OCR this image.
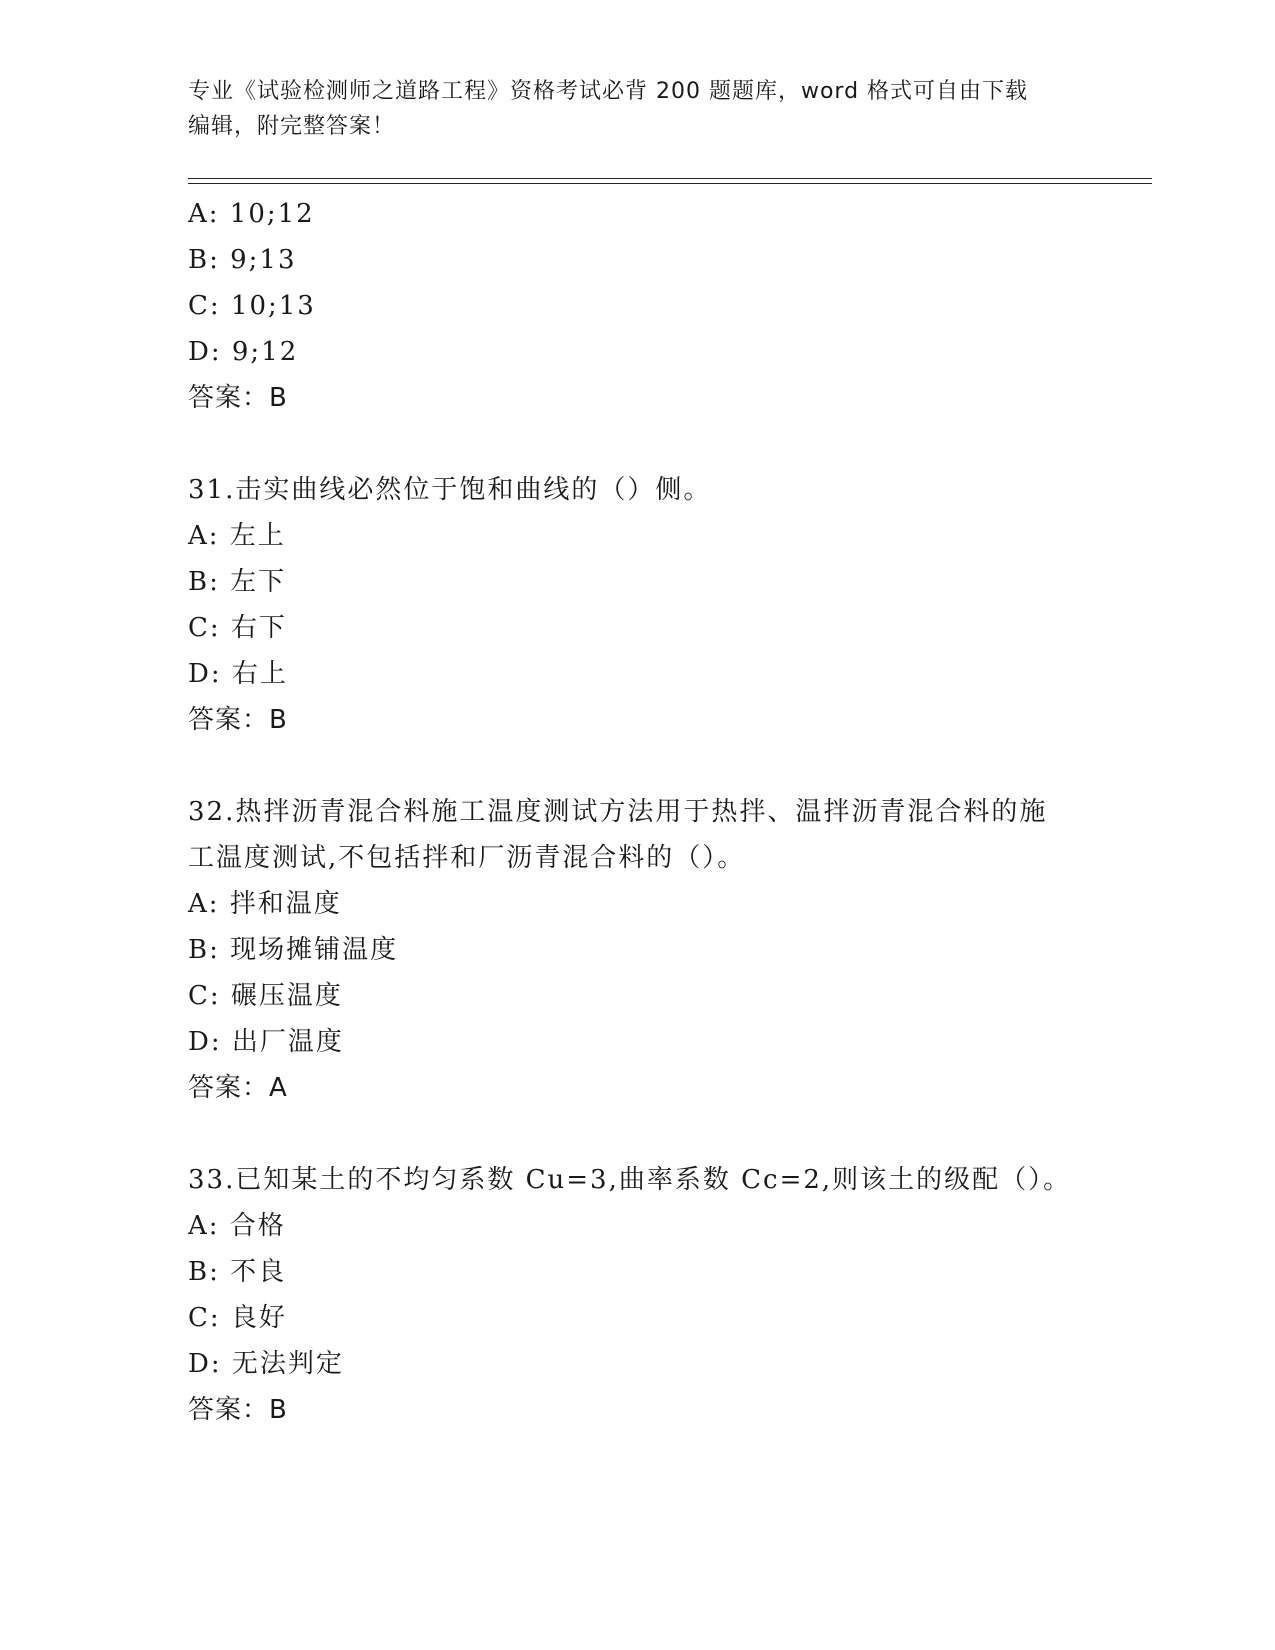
专业《试验检测师之道路工程》资格考试必背 200 题题库，word 格式可自由下载
编辑，附完整答案！
A: 10;12
B: 9;13
C: 10;13
D: 9;12
答案：B
31.击实曲线必然位于饱和曲线的（）侧。
A: 左上
B: 左下
C: 右下
D: 右上
答案：B
32.热拌沥青混合料施工温度测试方法用于热拌、温拌沥青混合料的施
工温度测试,不包括拌和厂沥青混合料的（）。
A: 拌和温度
B: 现场摊铺温度
C: 碾压温度
D: 出厂温度
答案：A
33.已知某土的不均匀系数 Cu=3,曲率系数 Cc=2,则该土的级配（）。
A: 合格
B: 不良
C: 良好
D: 无法判定
答案：B
